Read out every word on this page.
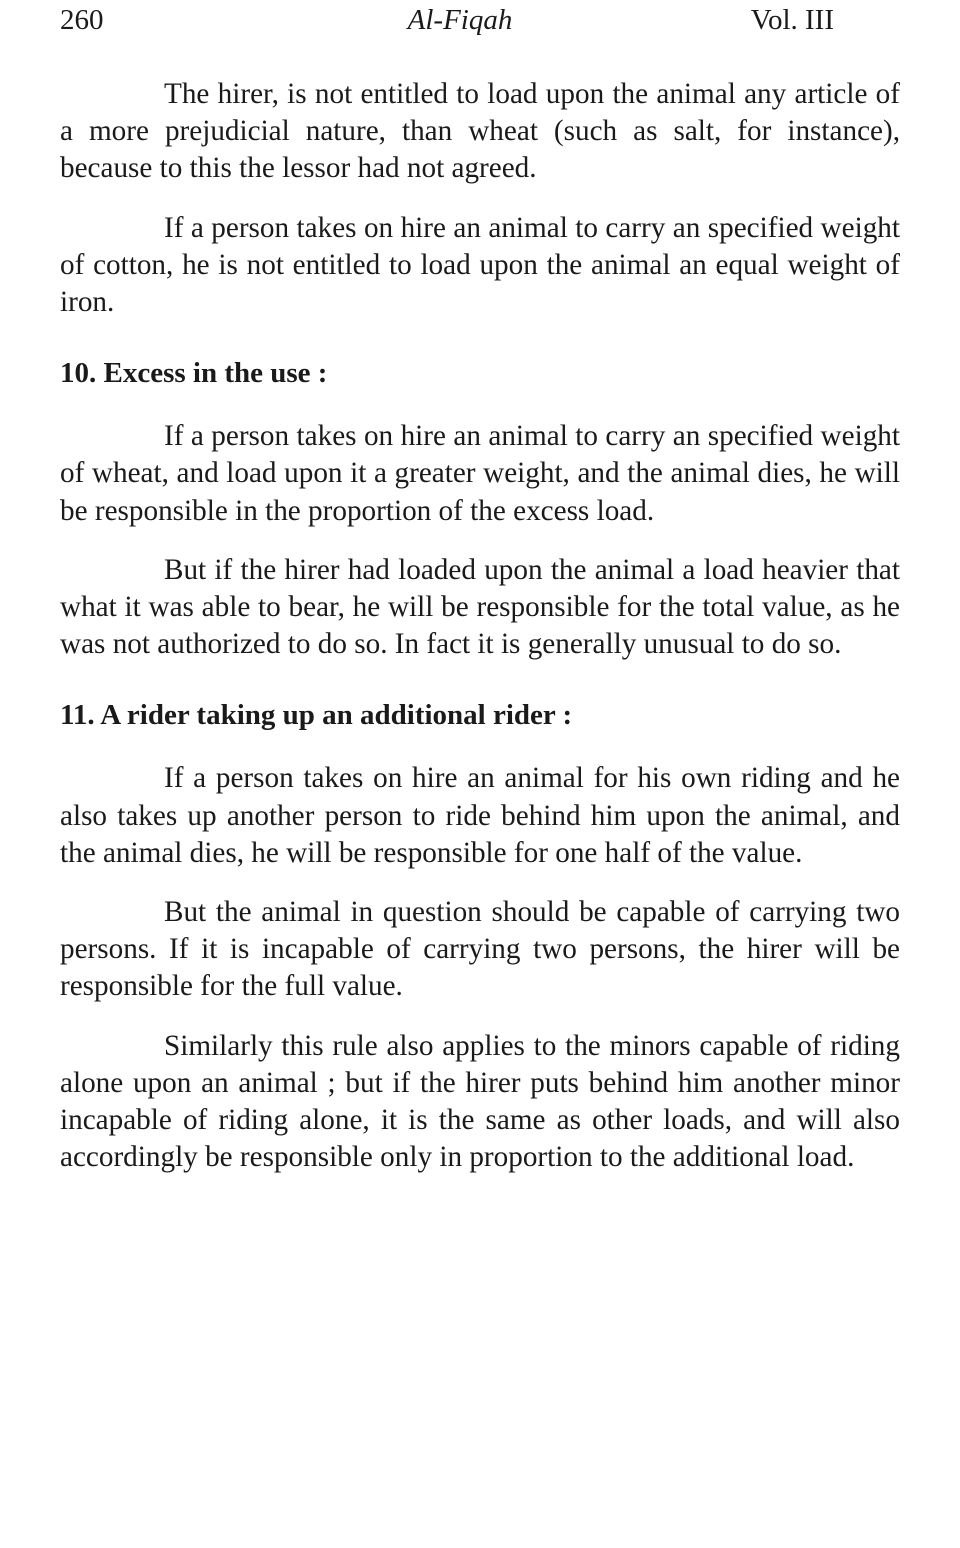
260	Al-Fiqah	Vol. III

The hirer, is not entitled to load upon the animal any article of a more prejudicial nature, than wheat (such as salt, for instance), because to this the lessor had not agreed.

If a person takes on hire an animal to carry an specified weight of cotton, he is not entitled to load upon the animal an equal weight of iron.

10. Excess in the use :

If a person takes on hire an animal to carry an specified weight of wheat, and load upon it a greater weight, and the animal dies, he will be responsible in the proportion of the excess load.

But if the hirer had loaded upon the animal a load heavier that what it was able to bear, he will be responsible for the total value, as he was not authorized to do so. In fact it is generally unusual to do so.

11. A rider taking up an additional rider :

If a person takes on hire an animal for his own riding and he also takes up another person to ride behind him upon the animal, and the animal dies, he will be responsible for one half of the value.

But the animal in question should be capable of carrying two persons. If it is incapable of carrying two persons, the hirer will be responsible for the full value.

Similarly this rule also applies to the minors capable of riding alone upon an animal ; but if the hirer puts behind him another minor incapable of riding alone, it is the same as other loads, and will also accordingly be responsible only in proportion to the additional load.
